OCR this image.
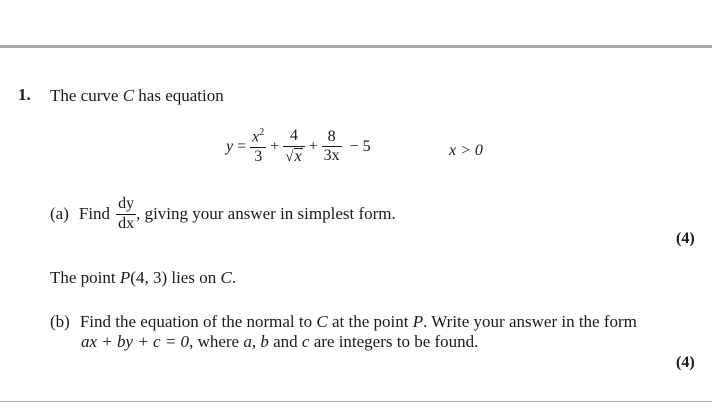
1. The curve C has equation
$y = \frac{x^2}{3} + \frac{4}{√ x} + \frac{8}{3x} - 5$	x > 0
(a) Find $\frac{dy}{dx}$ , giving your answer in simplest form.
(4)
The point P(4, 3) lies on C.
(b) Find the equation of the normal to C at the point P. Write your answer in the form
ax + by + c = 0, where a, b and c are integers to be found.
(4)
